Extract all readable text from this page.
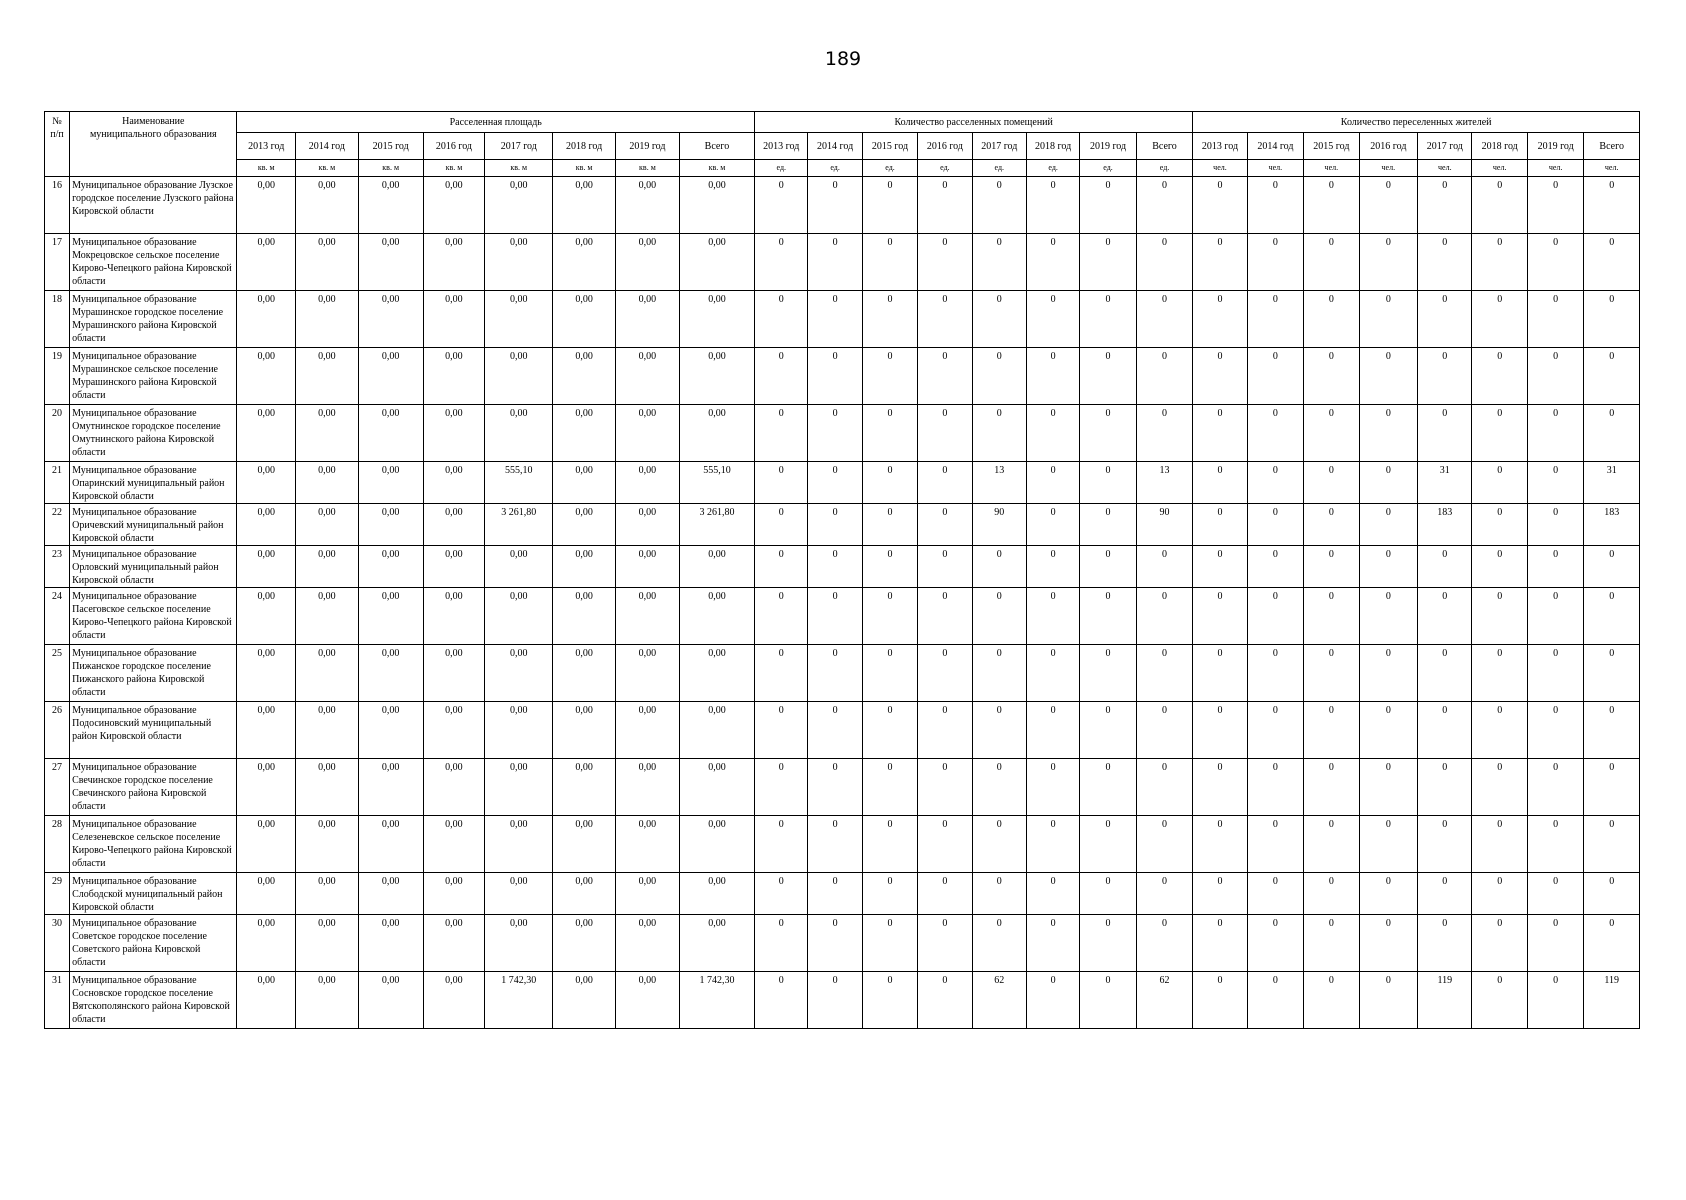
189
№
п/п	Наименование
муниципального образования	Расселенная площадь								Количество расселенных помещений								Количество переселенных жителей							
		2013 год	2014 год	2015 год	2016 год	2017 год	2018 год	2019 год	Всего	2013 год	2014 год	2015 год	2016 год	2017 год	2018 год	2019 год	Всего	2013 год	2014 год	2015 год	2016 год	2017 год	2018 год	2019 год	Всего
		кв. м	кв. м	кв. м	кв. м	кв. м	кв. м	кв. м	кв. м	ед.	ед.	ед.	ед.	ед.	ед.	ед.	ед.	чел.	чел.	чел.	чел.	чел.	чел.	чел.	чел.
16	Муниципальное образование Лузское городское поселение Лузского района Кировской области	0,00	0,00	0,00	0,00	0,00	0,00	0,00	0,00	0	0	0	0	0	0	0	0	0	0	0	0	0	0	0	0
17	Муниципальное образование Мокрецовское сельское поселение Кирово-Чепецкого района Кировской области	0,00	0,00	0,00	0,00	0,00	0,00	0,00	0,00	0	0	0	0	0	0	0	0	0	0	0	0	0	0	0	0
18	Муниципальное образование Мурашинское городское поселение Мурашинского района Кировской области	0,00	0,00	0,00	0,00	0,00	0,00	0,00	0,00	0	0	0	0	0	0	0	0	0	0	0	0	0	0	0	0
19	Муниципальное образование Мурашинское сельское поселение Мурашинского района Кировской области	0,00	0,00	0,00	0,00	0,00	0,00	0,00	0,00	0	0	0	0	0	0	0	0	0	0	0	0	0	0	0	0
20	Муниципальное образование Омутнинское городское поселение Омутнинского района Кировской области	0,00	0,00	0,00	0,00	0,00	0,00	0,00	0,00	0	0	0	0	0	0	0	0	0	0	0	0	0	0	0	0
21	Муниципальное образование Опаринский муниципальный район Кировской области	0,00	0,00	0,00	0,00	555,10	0,00	0,00	555,10	0	0	0	0	13	0	0	13	0	0	0	0	31	0	0	31
22	Муниципальное образование Оричевский муниципальный район Кировской области	0,00	0,00	0,00	0,00	3 261,80	0,00	0,00	3 261,80	0	0	0	0	90	0	0	90	0	0	0	0	183	0	0	183
23	Муниципальное образование Орловский муниципальный район Кировской области	0,00	0,00	0,00	0,00	0,00	0,00	0,00	0,00	0	0	0	0	0	0	0	0	0	0	0	0	0	0	0	0
24	Муниципальное образование Пасеговское сельское поселение Кирово-Чепецкого района Кировской области	0,00	0,00	0,00	0,00	0,00	0,00	0,00	0,00	0	0	0	0	0	0	0	0	0	0	0	0	0	0	0	0
25	Муниципальное образование Пижанское городское поселение Пижанского района Кировской области	0,00	0,00	0,00	0,00	0,00	0,00	0,00	0,00	0	0	0	0	0	0	0	0	0	0	0	0	0	0	0	0
26	Муниципальное образование Подосиновский муниципальный район Кировской области	0,00	0,00	0,00	0,00	0,00	0,00	0,00	0,00	0	0	0	0	0	0	0	0	0	0	0	0	0	0	0	0
27	Муниципальное образование Свечинское городское поселение Свечинского района Кировской области	0,00	0,00	0,00	0,00	0,00	0,00	0,00	0,00	0	0	0	0	0	0	0	0	0	0	0	0	0	0	0	0
28	Муниципальное образование Селезеневское сельское поселение Кирово-Чепецкого района Кировской области	0,00	0,00	0,00	0,00	0,00	0,00	0,00	0,00	0	0	0	0	0	0	0	0	0	0	0	0	0	0	0	0
29	Муниципальное образование Слободской муниципальный район Кировской области	0,00	0,00	0,00	0,00	0,00	0,00	0,00	0,00	0	0	0	0	0	0	0	0	0	0	0	0	0	0	0	0
30	Муниципальное образование Советское городское поселение Советского района Кировской области	0,00	0,00	0,00	0,00	0,00	0,00	0,00	0,00	0	0	0	0	0	0	0	0	0	0	0	0	0	0	0	0
31	Муниципальное образование Сосновское городское поселение Вятскополянского района Кировской области	0,00	0,00	0,00	0,00	1 742,30	0,00	0,00	1 742,30	0	0	0	0	62	0	0	62	0	0	0	0	119	0	0	119
